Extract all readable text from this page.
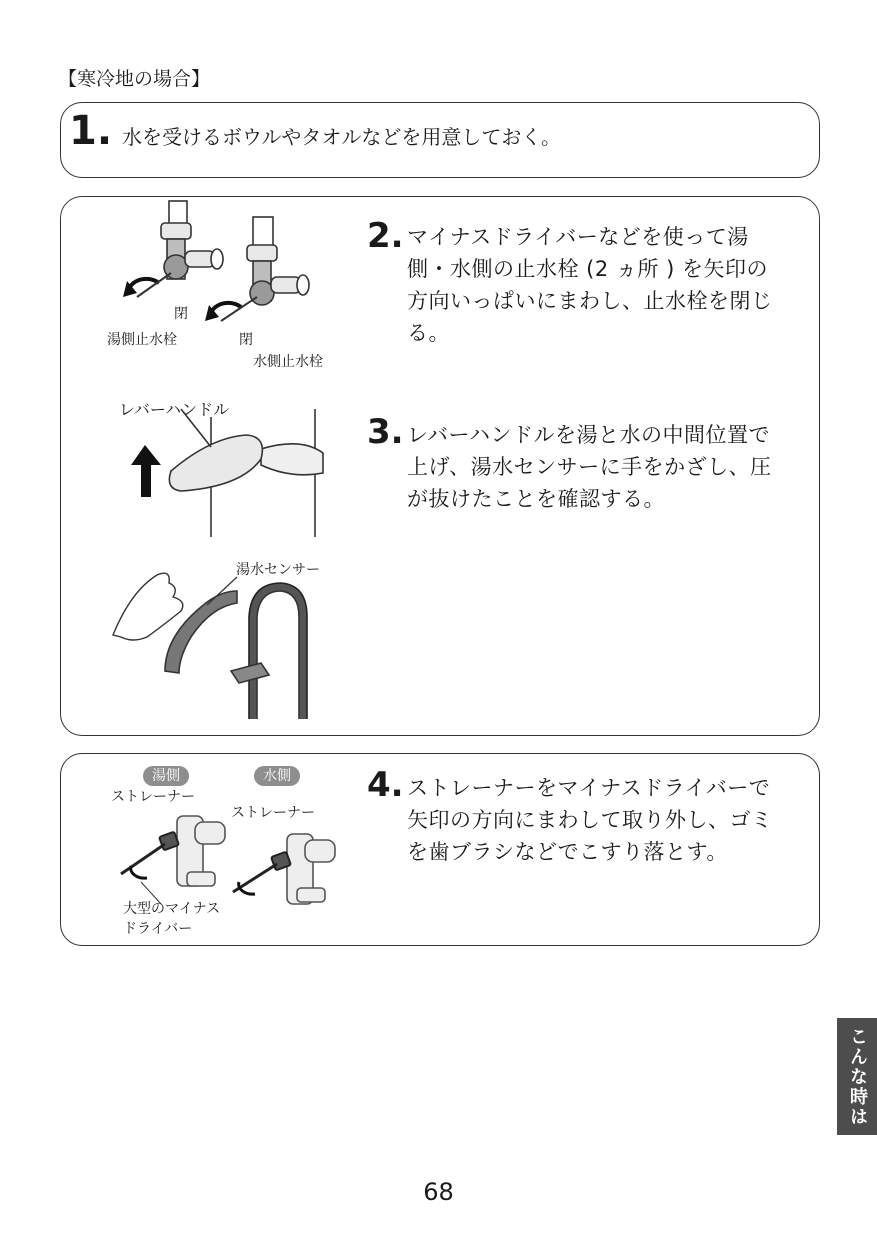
【寒冷地の場合】
1. 水を受けるボウルやタオルなどを用意しておく。
2. マイナスドライバーなどを使って湯
側・水側の止水栓 (2 ヵ所 ) を矢印の
方向いっぱいにまわし、止水栓を閉じ
る。
閉
閉
湯側止水栓
水側止水栓
3. レバーハンドルを湯と水の中間位置で
上げ、湯水センサーに手をかざし、圧
が抜けたことを確認する。
レバーハンドル
湯水センサー
4. ストレーナーをマイナスドライバーで
矢印の方向にまわして取り外し、ゴミ
を歯ブラシなどでこすり落とす。
湯側	水側
ストレーナー
ストレーナー
大型のマイナス
ドライバー
こんな時は
68
